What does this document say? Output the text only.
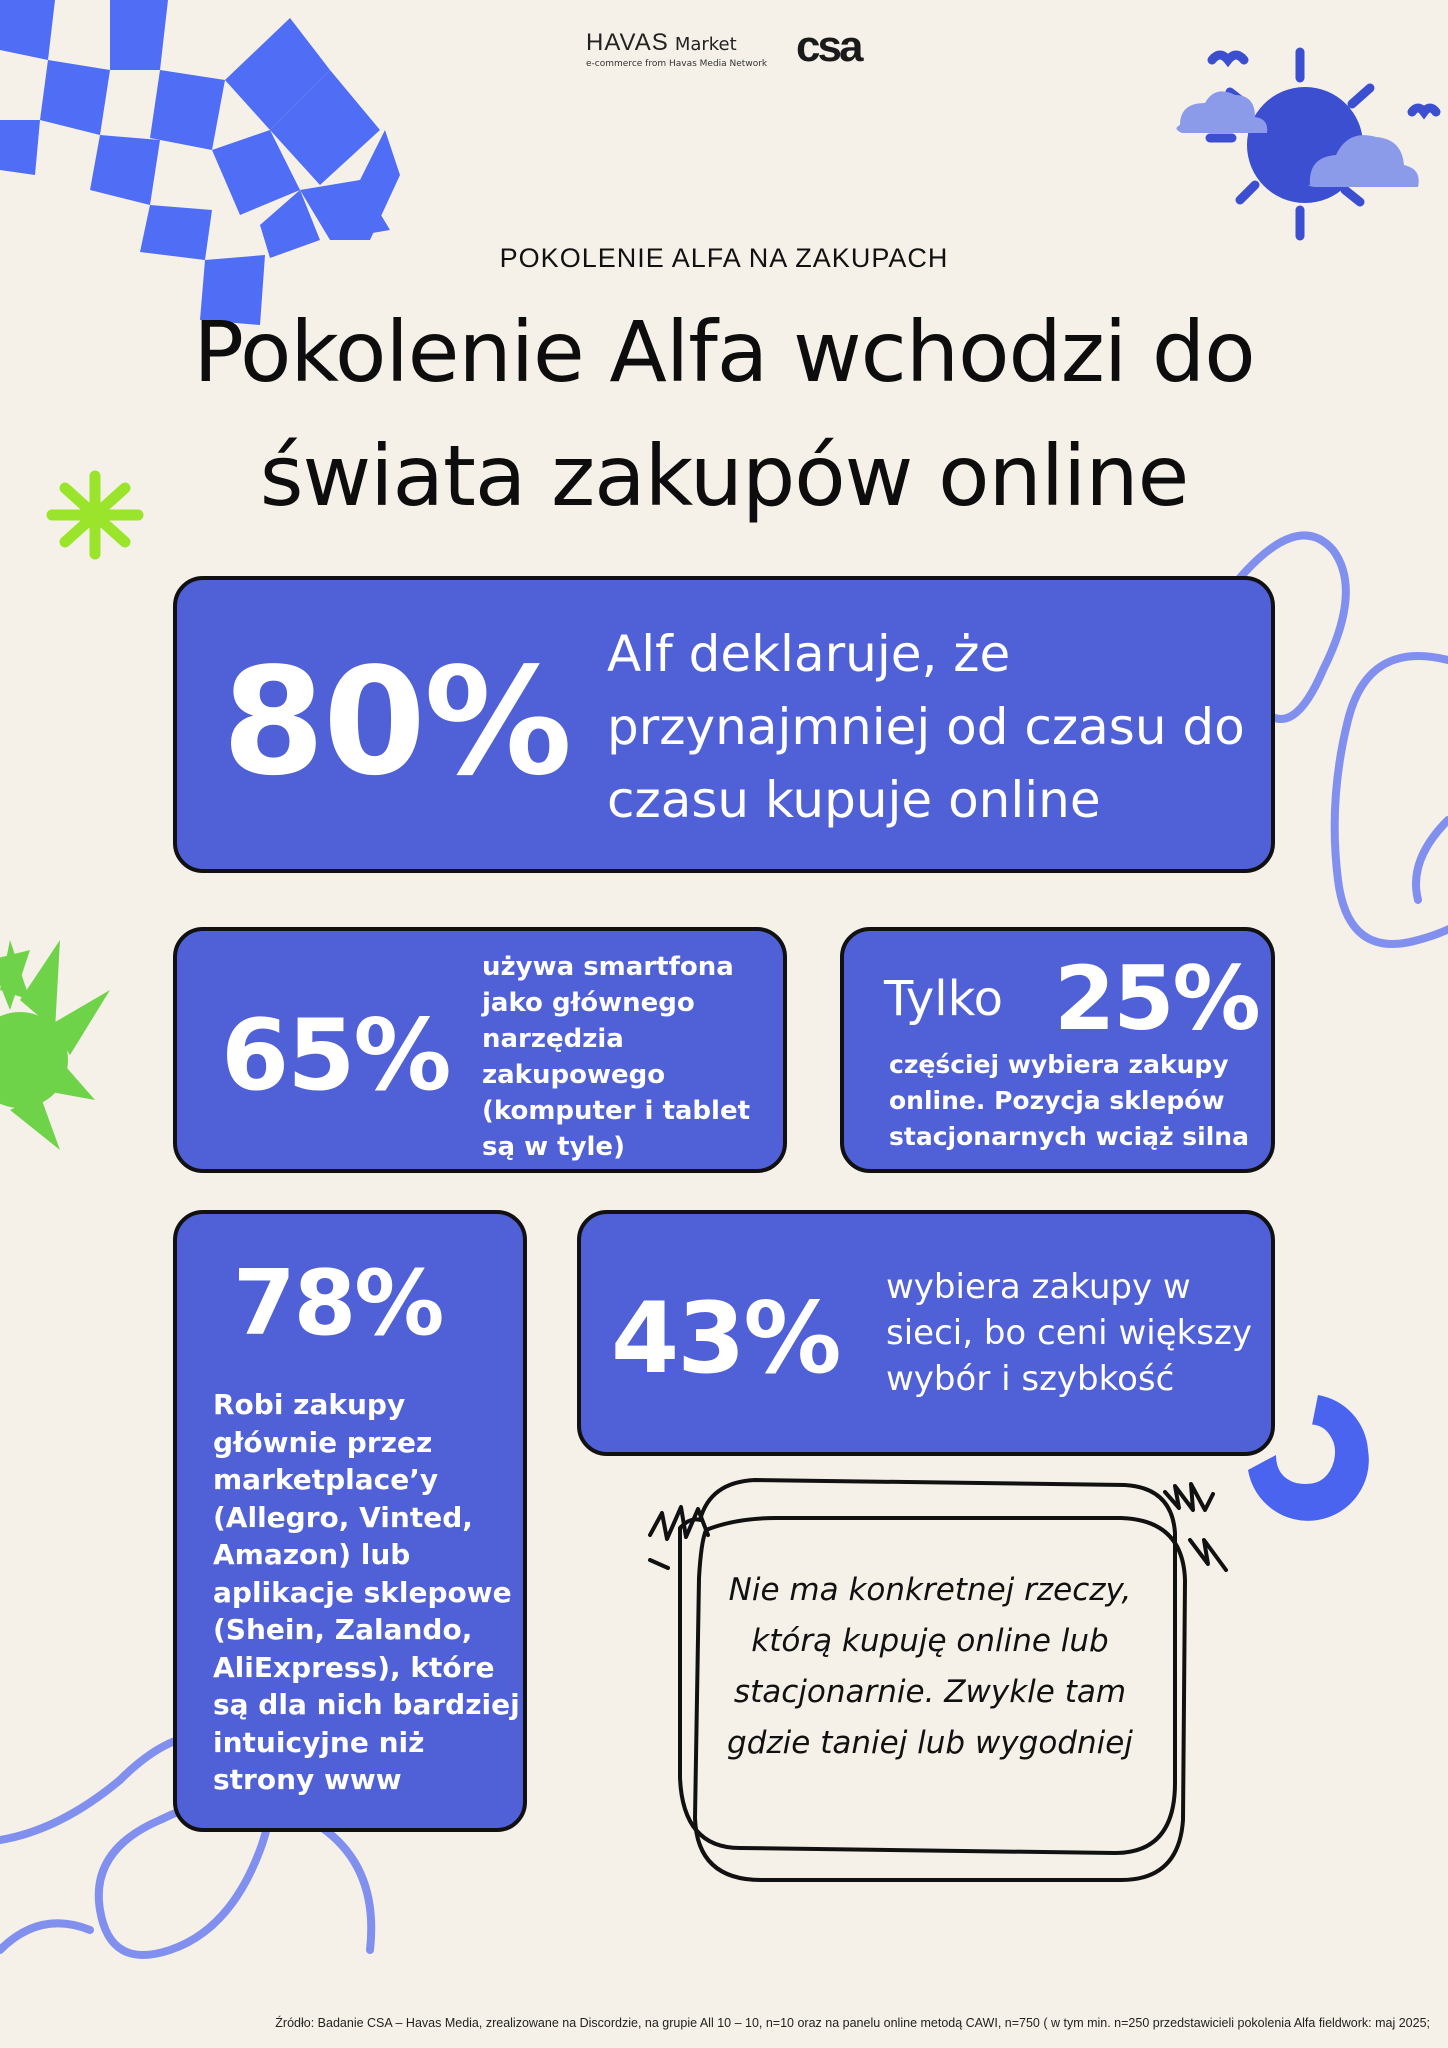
HAVAS Market
e-commerce from Havas Media Network csa
POKOLENIE ALFA NA ZAKUPACH
Pokolenie Alfa wchodzi do
świata zakupów online
80% Alf deklaruje, że przynajmniej od czasu do czasu kupuje online
65%
używa smartfona jako głównego narzędzia zakupowego (komputer i tablet są w tyle)
Tylko 25%
częściej wybiera zakupy online. Pozycja sklepów stacjonarnych wciąż silna
78%
Robi zakupy głównie przez marketplace’y (Allegro, Vinted, Amazon) lub aplikacje sklepowe (Shein, Zalando, AliExpress), które są dla nich bardziej intuicyjne niż strony www
43% wybiera zakupy w sieci, bo ceni większy wybór i szybkość
Nie ma konkretnej rzeczy, którą kupuję online lub stacjonarnie. Zwykle tam gdzie taniej lub wygodniej
Źródło: Badanie CSA – Havas Media, zrealizowane na Discordzie, na grupie All 10 – 10, n=10 oraz na panelu online metodą CAWI, n=750 ( w tym min. n=250 przedstawicieli pokolenia Alfa fieldwork: maj 2025;
